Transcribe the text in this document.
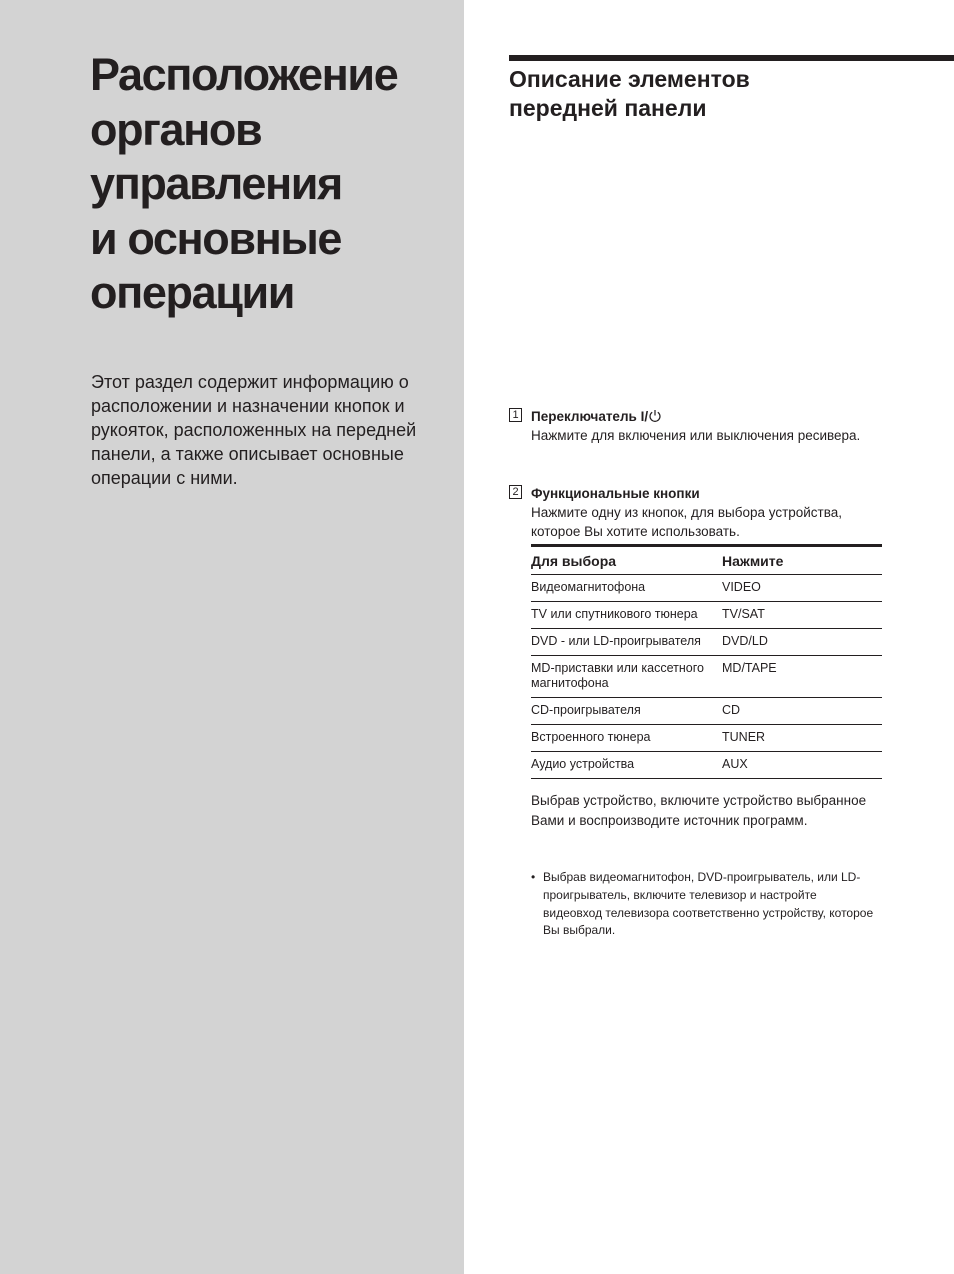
Расположение
органов
управления
и основные
операции

Этот раздел содержит информацию о расположении и назначении кнопок и рукояток, расположенных на передней панели, а также описывает основные операции с ними.

Описание элементов
передней панели
1 Переключатель I/

Нажмите для включения или выключения ресивера.

2 Функциональные кнопки

Нажмите одну из кнопок, для выбора устройства, которое Вы хотите использовать.

Для выбора	Нажмите
Видеомагнитофона	VIDEO
TV или спутникового тюнера	TV/SAT
DVD - или LD-проигрывателя	DVD/LD
MD-приставки или кассетного магнитофона	MD/TAPE
CD-проигрывателя	CD
Встроенного тюнера	TUNER
Аудио устройства	AUX

Выбрав устройство, включите устройство выбранное Вами и воспроизводите источник программ.

• Выбрав видеомагнитофон, DVD-проигрыватель, или LD-проигрыватель, включите телевизор и настройте видеовход телевизора соответственно устройству, которое Вы выбрали.
